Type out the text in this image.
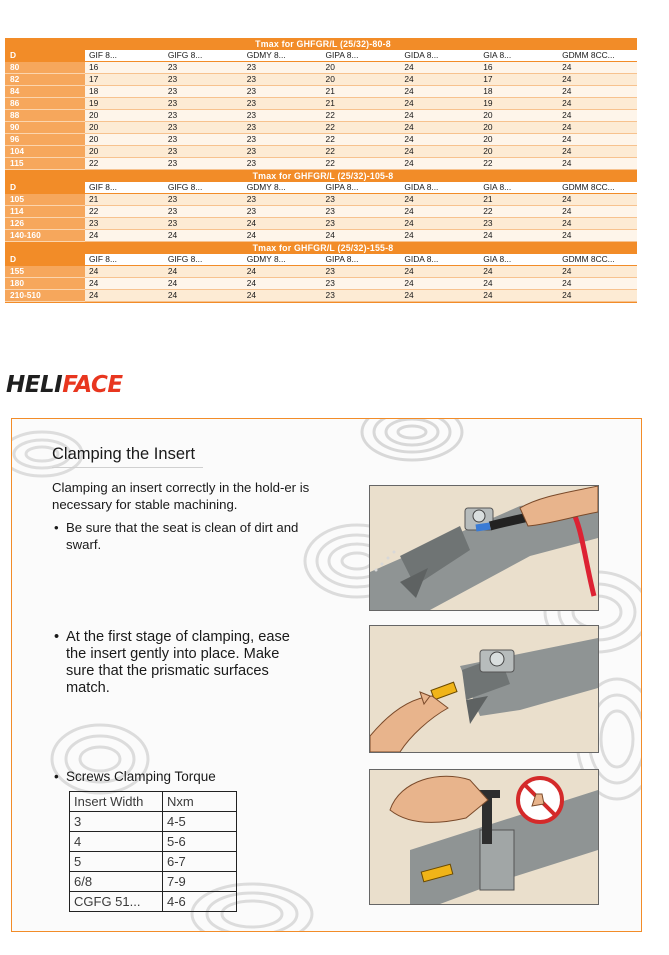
Tmax for GHFGR/L (25/32)-80-8							
D	GIF 8...	GIFG 8...	GDMY 8...	GIPA 8...	GIDA 8...	GIA 8...	GDMM 8CC...
80	16	23	23	20	24	16	24
82	17	23	23	20	24	17	24
84	18	23	23	21	24	18	24
86	19	23	23	21	24	19	24
88	20	23	23	22	24	20	24
90	20	23	23	22	24	20	24
96	20	23	23	22	24	20	24
104	20	23	23	22	24	20	24
115	22	23	23	22	24	22	24
Tmax for GHFGR/L (25/32)-105-8							
D	GIF 8...	GIFG 8...	GDMY 8...	GIPA 8...	GIDA 8...	GIA 8...	GDMM 8CC...
105	21	23	23	23	24	21	24
114	22	23	23	23	24	22	24
126	23	23	24	23	24	23	24
140-160	24	24	24	24	24	24	24
Tmax for GHFGR/L (25/32)-155-8							
D	GIF 8...	GIFG 8...	GDMY 8...	GIPA 8...	GIDA 8...	GIA 8...	GDMM 8CC...
155	24	24	24	23	24	24	24
180	24	24	24	23	24	24	24
210-510	24	24	24	23	24	24	24
HELIFACE
Clamping the Insert
Clamping an insert correctly in the hold-er is necessary for stable machining.
• Be sure that the seat is clean of dirt and swarf.
• At the first stage of clamping, ease the insert gently into place. Make sure that the prismatic surfaces match.
• Screws Clamping Torque
Insert Width	Nxm
3	4-5
4	5-6
5	6-7
6/8	7-9
CGFG 51...	4-6
